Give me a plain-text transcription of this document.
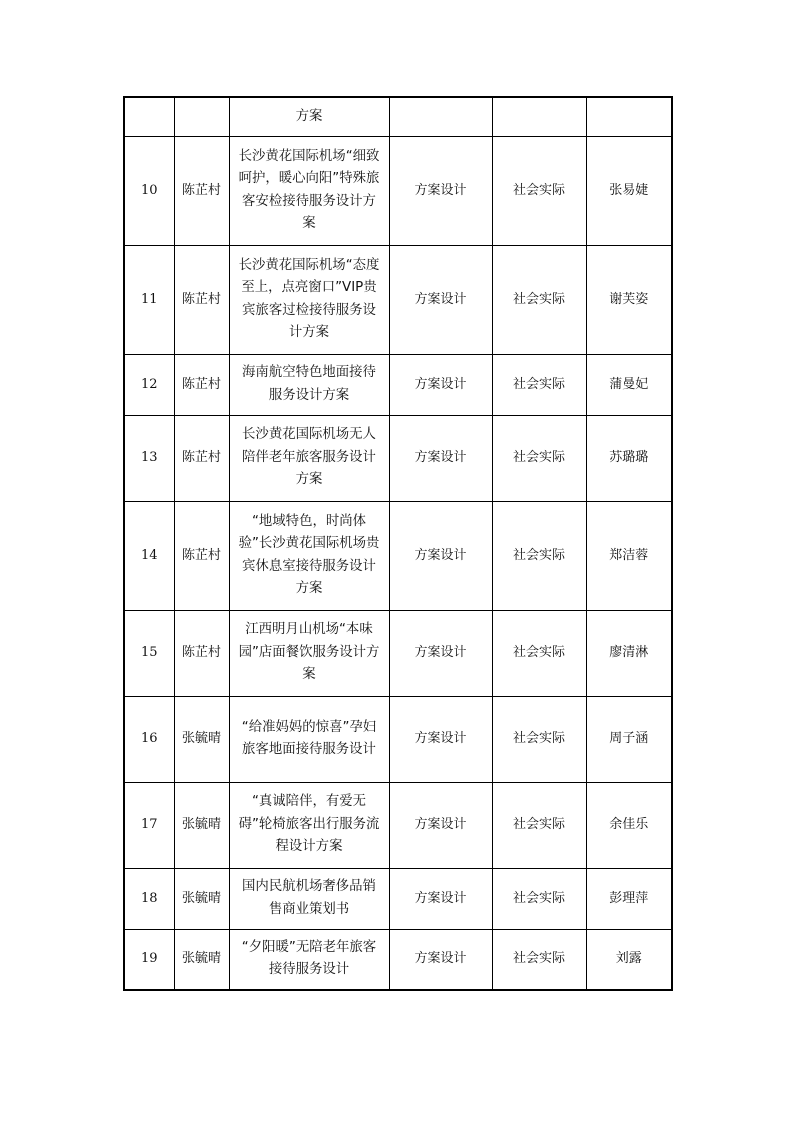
		方案			
10	陈芷村	长沙黄花国际机场“细致呵护，暖心向阳”特殊旅客安检接待服务设计方案	方案设计	社会实际	张易婕
11	陈芷村	长沙黄花国际机场“态度至上，点亮窗口”VIP贵宾旅客过检接待服务设计方案	方案设计	社会实际	谢芙姿
12	陈芷村	海南航空特色地面接待服务设计方案	方案设计	社会实际	蒲曼妃
13	陈芷村	长沙黄花国际机场无人陪伴老年旅客服务设计方案	方案设计	社会实际	苏璐璐
14	陈芷村	“地域特色，时尚体验”长沙黄花国际机场贵宾休息室接待服务设计方案	方案设计	社会实际	郑洁蓉
15	陈芷村	江西明月山机场“本味园”店面餐饮服务设计方案	方案设计	社会实际	廖清淋
16	张毓晴	“给准妈妈的惊喜”孕妇旅客地面接待服务设计	方案设计	社会实际	周子涵
17	张毓晴	“真诚陪伴，有爱无碍”轮椅旅客出行服务流程设计方案	方案设计	社会实际	余佳乐
18	张毓晴	国内民航机场奢侈品销售商业策划书	方案设计	社会实际	彭理萍
19	张毓晴	“夕阳暖”无陪老年旅客接待服务设计	方案设计	社会实际	刘露
